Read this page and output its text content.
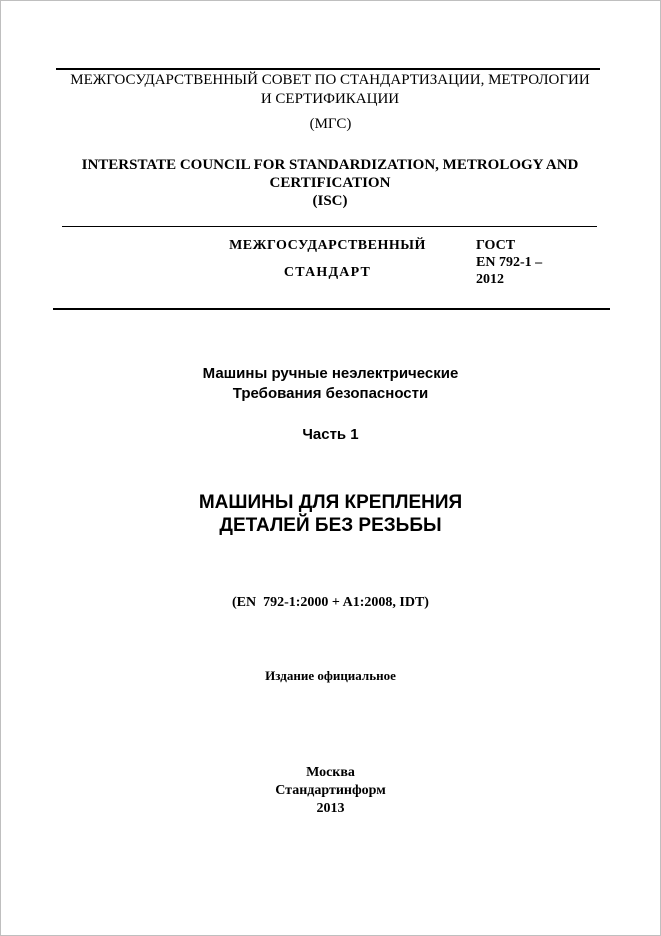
МЕЖГОСУДАРСТВЕННЫЙ СОВЕТ ПО СТАНДАРТИЗАЦИИ, МЕТРОЛОГИИ
И СЕРТИФИКАЦИИ
(МГС)
INTERSTATE COUNCIL FOR STANDARDIZATION, METROLOGY AND
CERTIFICATION
(ISC)
МЕЖГОСУДАРСТВЕННЫЙ
СТАНДАРТ
ГОСТ
EN 792-1 –
2012
Машины ручные неэлектрические
Требования безопасности
Часть 1
МАШИНЫ ДЛЯ КРЕПЛЕНИЯ
ДЕТАЛЕЙ БЕЗ РЕЗЬБЫ
(EN  792-1:2000 + A1:2008, IDT)
Издание официальное
Москва
Стандартинформ
2013
